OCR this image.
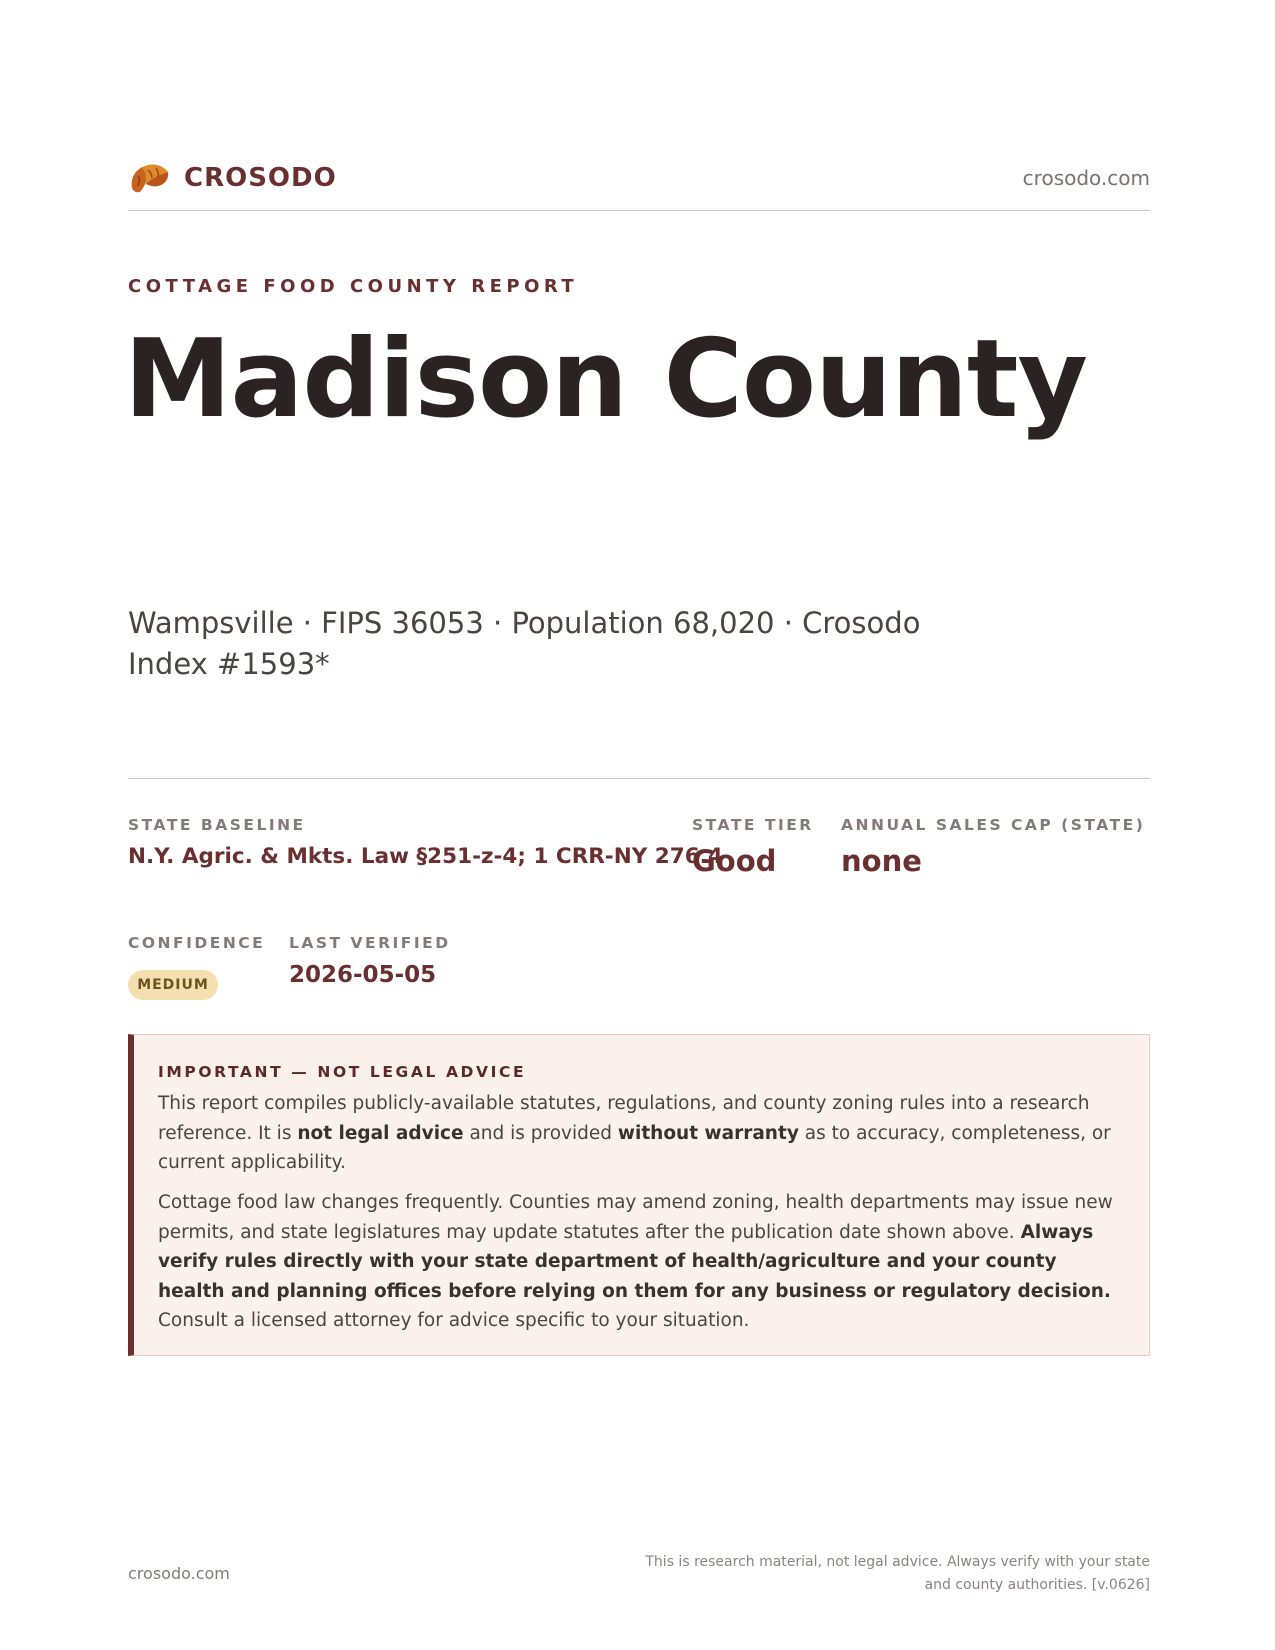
CROSODO	crosodo.com
COTTAGE FOOD COUNTY REPORT
Madison County
Wampsville · FIPS 36053 · Population 68,020 · Crosodo Index #1593*
STATE BASELINE
N.Y. Agric. & Mkts. Law §251-z-4; 1 CRR-NY 276.4
STATE TIER
Good
ANNUAL SALES CAP (STATE)
none
CONFIDENCE
MEDIUM
LAST VERIFIED
2026-05-05
IMPORTANT — NOT LEGAL ADVICE

This report compiles publicly-available statutes, regulations, and county zoning rules into a research reference. It is not legal advice and is provided without warranty as to accuracy, completeness, or current applicability.

Cottage food law changes frequently. Counties may amend zoning, health departments may issue new permits, and state legislatures may update statutes after the publication date shown above. Always verify rules directly with your state department of health/agriculture and your county health and planning offices before relying on them for any business or regulatory decision. Consult a licensed attorney for advice specific to your situation.

crosodo.com
This is research material, not legal advice. Always verify with your state
and county authorities. [v.0626]
